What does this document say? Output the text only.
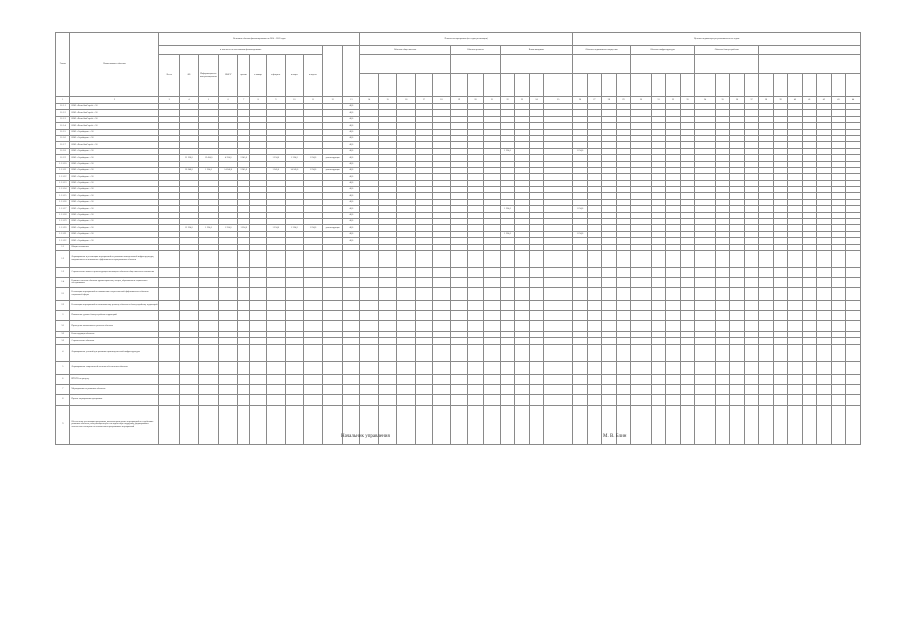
Этапы	Наименование объектов	Величина объемов финансирования на 2014 - 2020 годы											Показатели программы (по годам реализации)												Целевые индикаторы результативности по годам																		
		в том числе по источникам финансирования											Объекты общественные					Объекты ремонта			Вновь вводимые				Объекты недвижимого имущества				Объекты инфраструктуры				Объекты благоустройства										
		Всего	ФБ	Информационно-консультационные	ОМСУ	прочие	в январе	в феврале	в марте	в апреле																																	

1	2	3	4	5	6	7	8	9	10	11	12	13	14	15	16	17	18	19	20	21	22	23	24	25	26	27	28	29	30	31	32	33	34	35	36	37	38	39	40	41	42	43	44
1.1.1.1	ООО «ВолгоЗапСтрой» - 50											48,0																															
1.1.1.2	ООО «ВолгоЗапСтрой» - 50											48,0																															
1.1.1.3	ООО «ВолгоЗапСтрой» - 50											48,0																															
1.1.1.4	ООО «ВолгоЗапСтрой» - 50											48,0																															
1.1.1.5	ООО «Стройпром» - 50											48,0																															
1.1.1.6	ООО «Стройпром» - 50											48,0																															
1.1.1.7	ООО «ВолгоЗапСтрой» - 50											48,0																															
1.1.1.8	ООО «Стройпром» - 50											48,0									1 234,0				1 234,0																		
1.1.1.9	ООО «Стройпром» - 50		21 236,0	12 434,0	4 234,0	2 345,0		1 234,0	1 234,0	1 234,0	реконструкция	48,0																															
1.1.1.10	ООО «Стройпром» - 50											48,0																															
1.1.1.11	ООО «Стройпром» - 50		20 346,0	1 254,0	14 346,0	2 345,0		1 345,0	14 345,0	1 234,0	реконструкция	48,0																															
1.1.1.12	ООО «Стройпром» - 50											48,0																															
1.1.1.13	ООО «Стройпром» - 50											48,0																															
1.1.1.14	ООО «Стройпром» - 50											48,0																															
1.1.1.15	ООО «Стройпром» - 50											48,0																															
1.1.1.16	ООО «Стройпром» - 50											48,0																															
1.1.1.17	ООО «Стройпром» - 50											48,0									1 234,0				1 234,0																		
1.1.1.18	ООО «Стройпром» - 50											48,0																															
1.1.1.19	ООО «Стройпром» - 50											48,0																															
1.1.1.20	ООО «Стройпром» - 50		12 234,0	1 234,0	1 234,0	1 234,0		1 234,0	1 234,0	1 234,0	реконструкция	48,0																															
1.1.1.21	ООО «Стройпром» - 50											48,0									1 234,0				1 234,0																		
1.1.1.22	ООО «Стройпром» - 50											48,0																															
1.1	Общие положения																																										
1.2	Формирование и реализация мероприятий по развитию коммунальной инфраструктуры, направленных на повышение эффективности программных объектов																																										
1.3	Строительство новых и реконструкция имеющихся объектов общественного назначения																																										
1.4	Развитие системы объектов здравоохранения, спорта, образования и социального обслуживания																																										
2.1	Реализация мероприятий по повышению энергетической эффективности объектов социальной сферы																																										
2.2	Реализация мероприятий по капитальному ремонту объектов и благоустройству территорий																																										
3	Повышение уровня благоустройства территорий																																										
3.1	Проведение капитального ремонта объектов																																										
3.2	Реконструкция объектов																																										
3.3	Строительство объектов																																										
4	Формирование условий для развития производственной инфраструктуры																																										
5	Формирование современной системы обеспечения объектов																																										
6	ИТОГО по разделу																																										
7	Мероприятия по развитию объектов																																										
8	Прочие мероприятия программы																																										
9	Обеспечение реализации программы, включая проведение мероприятий по содействию развитию объектов, консультационную и методическую поддержку, формирование отчетности и контроль за исполнением программных мероприятий																																										
Начальник управления	М. В. Блин
